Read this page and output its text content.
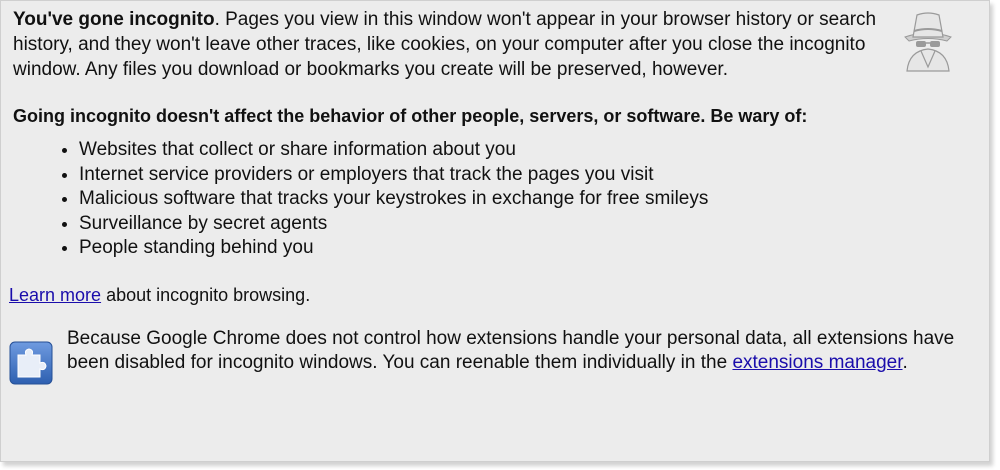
You've gone incognito. Pages you view in this window won't appear in your browser history or search history, and they won't leave other traces, like cookies, on your computer after you close the incognito window. Any files you download or bookmarks you create will be preserved, however.

Going incognito doesn't affect the behavior of other people, servers, or software. Be wary of:
• Websites that collect or share information about you
• Internet service providers or employers that track the pages you visit
• Malicious software that tracks your keystrokes in exchange for free smileys
• Surveillance by secret agents
• People standing behind you
Learn more about incognito browsing.
Because Google Chrome does not control how extensions handle your personal data, all extensions have been disabled for incognito windows. You can reenable them individually in the extensions manager.
